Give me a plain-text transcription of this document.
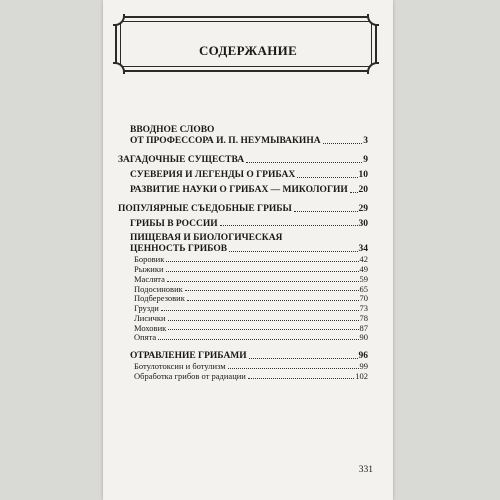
СОДЕРЖАНИЕ
ВВОДНОЕ СЛОВО
ОТ ПРОФЕССОРА И. П. НЕУМЫВАКИНА	3
ЗАГАДОЧНЫЕ СУЩЕСТВА	9
СУЕВЕРИЯ И ЛЕГЕНДЫ О ГРИБАХ	10
РАЗВИТИЕ НАУКИ О ГРИБАХ — МИКОЛОГИИ 20
ПОПУЛЯРНЫЕ СЪЕДОБНЫЕ ГРИБЫ	29
ГРИБЫ В РОССИИ	30
ПИЩЕВАЯ И БИОЛОГИЧЕСКАЯ
ЦЕННОСТЬ ГРИБОВ	34
Боровик	42
Рыжики	49
Маслята	59
Подосиновик	65
Подберезовик	70
Грузди	73
Лисички	78
Моховик	87
Опята	90
ОТРАВЛЕНИЕ ГРИБАМИ	96
Ботулотоксин и ботулизм	99
Обработка грибов от радиации	102
331
